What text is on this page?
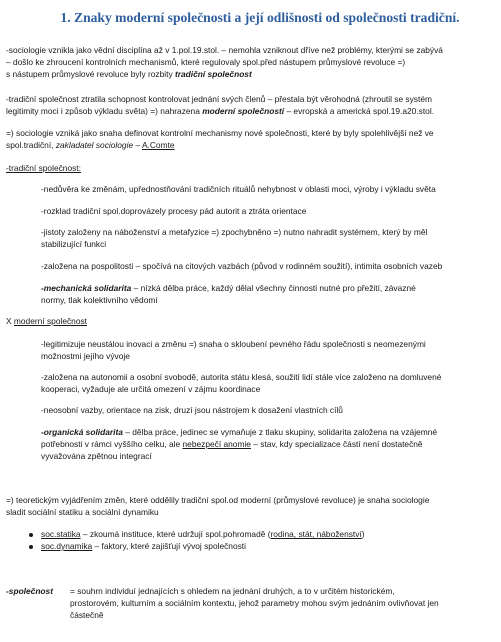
1. Znaky moderní společnosti a její odlišnosti od společnosti tradiční.
-sociologie vznikla jako vědní disciplína až v 1.pol.19.stol. – nemohla vzniknout dříve než problémy, kterými se zabývá
– došlo ke zhroucení kontrolních mechanismů, které regulovaly spol.před nástupem průmyslové revoluce =)
s nástupem průmyslové revoluce byly rozbity tradiční společnost
-tradiční společnost ztratila schopnost kontrolovat jednání svých členů – přestala být věrohodná (zhroutil se systém
legitimity moci i způsob výkladu světa) =) nahrazena moderní společností – evropská a americká spol.19.a20.stol.
=) sociologie vzniká jako snaha definovat kontrolní mechanismy nové společnosti, které by byly spolehlivější než ve
spol.tradiční, zakladatel sociologie – A.Comte
-tradiční společnost:
-nedůvěra ke změnám, upřednostňování tradičních rituálů nehybnost v oblasti moci, výroby i výkladu světa
-rozklad tradiční spol.doprovázely procesy pád autorit a ztráta orientace
-jistoty založeny na náboženství a metafyzice =) zpochybněno =) nutno nahradit systémem, který by měl
stabilizující funkci
-založena na pospolitosti – spočívá na citových vazbách (původ v rodinném soužití), intimita osobních vazeb
-mechanická solidarita – nízká dělba práce, každý dělal všechny činnosti nutné pro přežití, závazné
normy, tlak kolektivního vědomí
X moderní společnost
-legitimizuje neustálou inovaci a změnu =) snaha o skloubení pevného řádu společnosti s neomezenými
možnostmi jejího vývoje
-založena na autonomii a osobní svobodě, autorita státu klesá, soužití lidí stále více založeno na domluvené
kooperaci, vyžaduje ale určitá omezení v zájmu koordinace
-neosobní vazby, orientace na zisk, druzí jsou nástrojem k dosažení vlastních cílů
-organická solidarita – dělba práce, jedinec se vymaňuje z tlaku skupiny, solidarita založena na vzájemné
potřebnosti v rámci vyššího celku, ale nebezpečí anomie – stav, kdy specializace částí není dostatečně
vyvažována zpětnou integrací
=) teoretickým vyjádřením změn, které oddělily tradiční spol.od moderní (průmyslové revoluce) je snaha sociologie
sladit sociální statiku a sociální dynamiku
soc.statika – zkoumá instituce, které udržují spol.pohromadě (rodina, stát, náboženství)
soc.dynamika – faktory, které zajišťují vývoj společnosti
-společnost = souhrn individuí jednajících s ohledem na jednání druhých, a to v určitém historickém,
prostorovém, kulturním a sociálním kontextu, jehož parametry mohou svým jednáním ovlivňovat jen
částečně
